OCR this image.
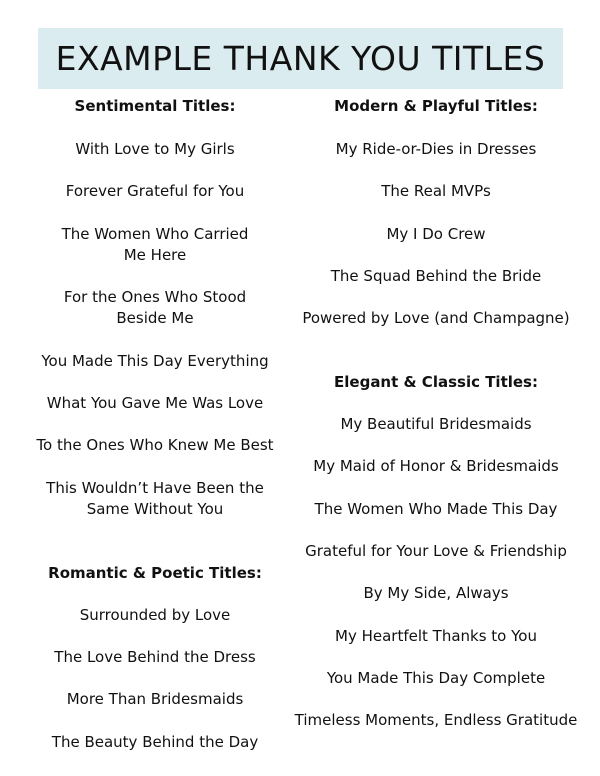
EXAMPLE THANK YOU TITLES
Sentimental Titles:
With Love to My Girls
Forever Grateful for You
The Women Who Carried
Me Here
For the Ones Who Stood
Beside Me
You Made This Day Everything
What You Gave Me Was Love
To the Ones Who Knew Me Best
This Wouldn’t Have Been the
Same Without You
Romantic & Poetic Titles:
Surrounded by Love
The Love Behind the Dress
More Than Bridesmaids
The Beauty Behind the Day
Modern & Playful Titles:
My Ride-or-Dies in Dresses
The Real MVPs
My I Do Crew
The Squad Behind the Bride
Powered by Love (and Champagne)
Elegant & Classic Titles:
My Beautiful Bridesmaids
My Maid of Honor & Bridesmaids
The Women Who Made This Day
Grateful for Your Love & Friendship
By My Side, Always
My Heartfelt Thanks to You
You Made This Day Complete
Timeless Moments, Endless Gratitude
